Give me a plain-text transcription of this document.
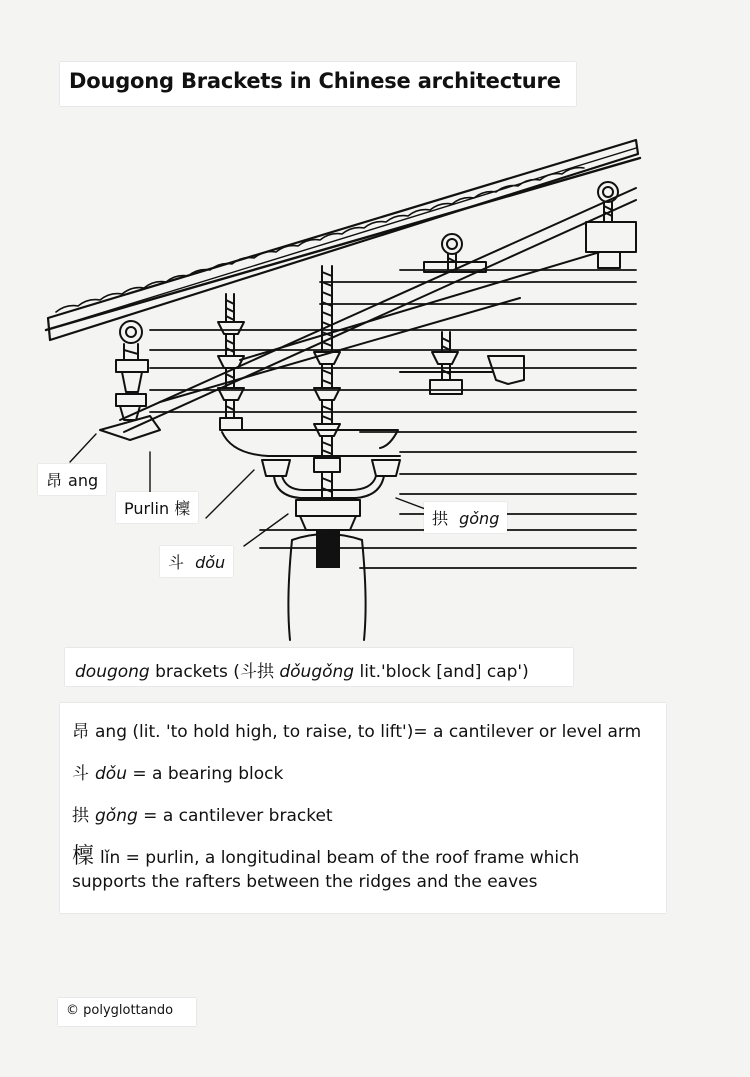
Dougong Brackets in Chinese architecture
昂 ang
Purlin 檁
拱 gǒng
斗 dǒu
dougong brackets (斗拱 dǒugǒng lit.'block [and] cap')
昂 ang (lit. 'to hold high, to raise, to lift')= a cantilever or level arm
斗 dǒu = a bearing block
拱 gǒng = a cantilever bracket
檁 lǐn = purlin, a longitudinal beam of the roof frame which
supports the rafters between the ridges and the eaves
© polyglottando
